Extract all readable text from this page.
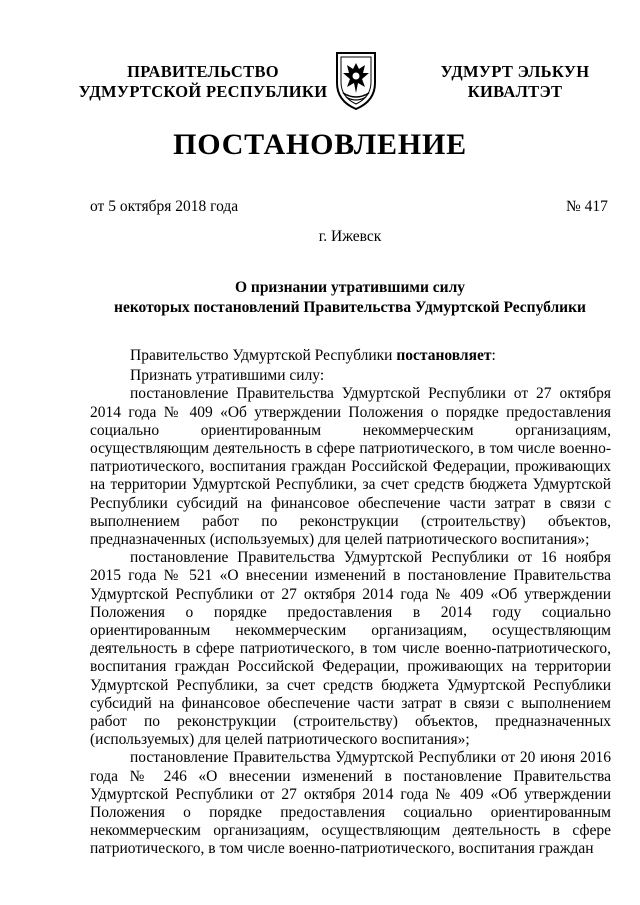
ПРАВИТЕЛЬСТВО
УДМУРТСКОЙ РЕСПУБЛИКИ
УДМУРТ ЭЛЬКУН
КИВАЛТЭТ
ПОСТАНОВЛЕНИЕ
от 5 октября 2018 года	№ 417
г. Ижевск
О признании утратившими силу
некоторых постановлений Правительства Удмуртской Республики

Правительство Удмуртской Республики постановляет:

Признать утратившими силу:

постановление Правительства Удмуртской Республики от 27 октября 2014 года № 409 «Об утверждении Положения о порядке предоставления социально ориентированным некоммерческим организациям, осуществляющим деятельность в сфере патриотического, в том числе военно-патриотического, воспитания граждан Российской Федерации, проживающих на территории Удмуртской Республики, за счет средств бюджета Удмуртской Республики субсидий на финансовое обеспечение части затрат в связи с выполнением работ по реконструкции (строительству) объектов, предназначенных (используемых) для целей патриотического воспитания»;

постановление Правительства Удмуртской Республики от 16 ноября 2015 года № 521 «О внесении изменений в постановление Правительства Удмуртской Республики от 27 октября 2014 года № 409 «Об утверждении Положения о порядке предоставления в 2014 году социально ориентированным некоммерческим организациям, осуществляющим деятельность в сфере патриотического, в том числе военно-патриотического, воспитания граждан Российской Федерации, проживающих на территории Удмуртской Республики, за счет средств бюджета Удмуртской Республики субсидий на финансовое обеспечение части затрат в связи с выполнением работ по реконструкции (строительству) объектов, предназначенных (используемых) для целей патриотического воспитания»;

постановление Правительства Удмуртской Республики от 20 июня 2016 года № 246 «О внесении изменений в постановление Правительства Удмуртской Республики от 27 октября 2014 года № 409 «Об утверждении Положения о порядке предоставления социально ориентированным некоммерческим организациям, осуществляющим деятельность в сфере патриотического, в том числе военно-патриотического, воспитания граждан
